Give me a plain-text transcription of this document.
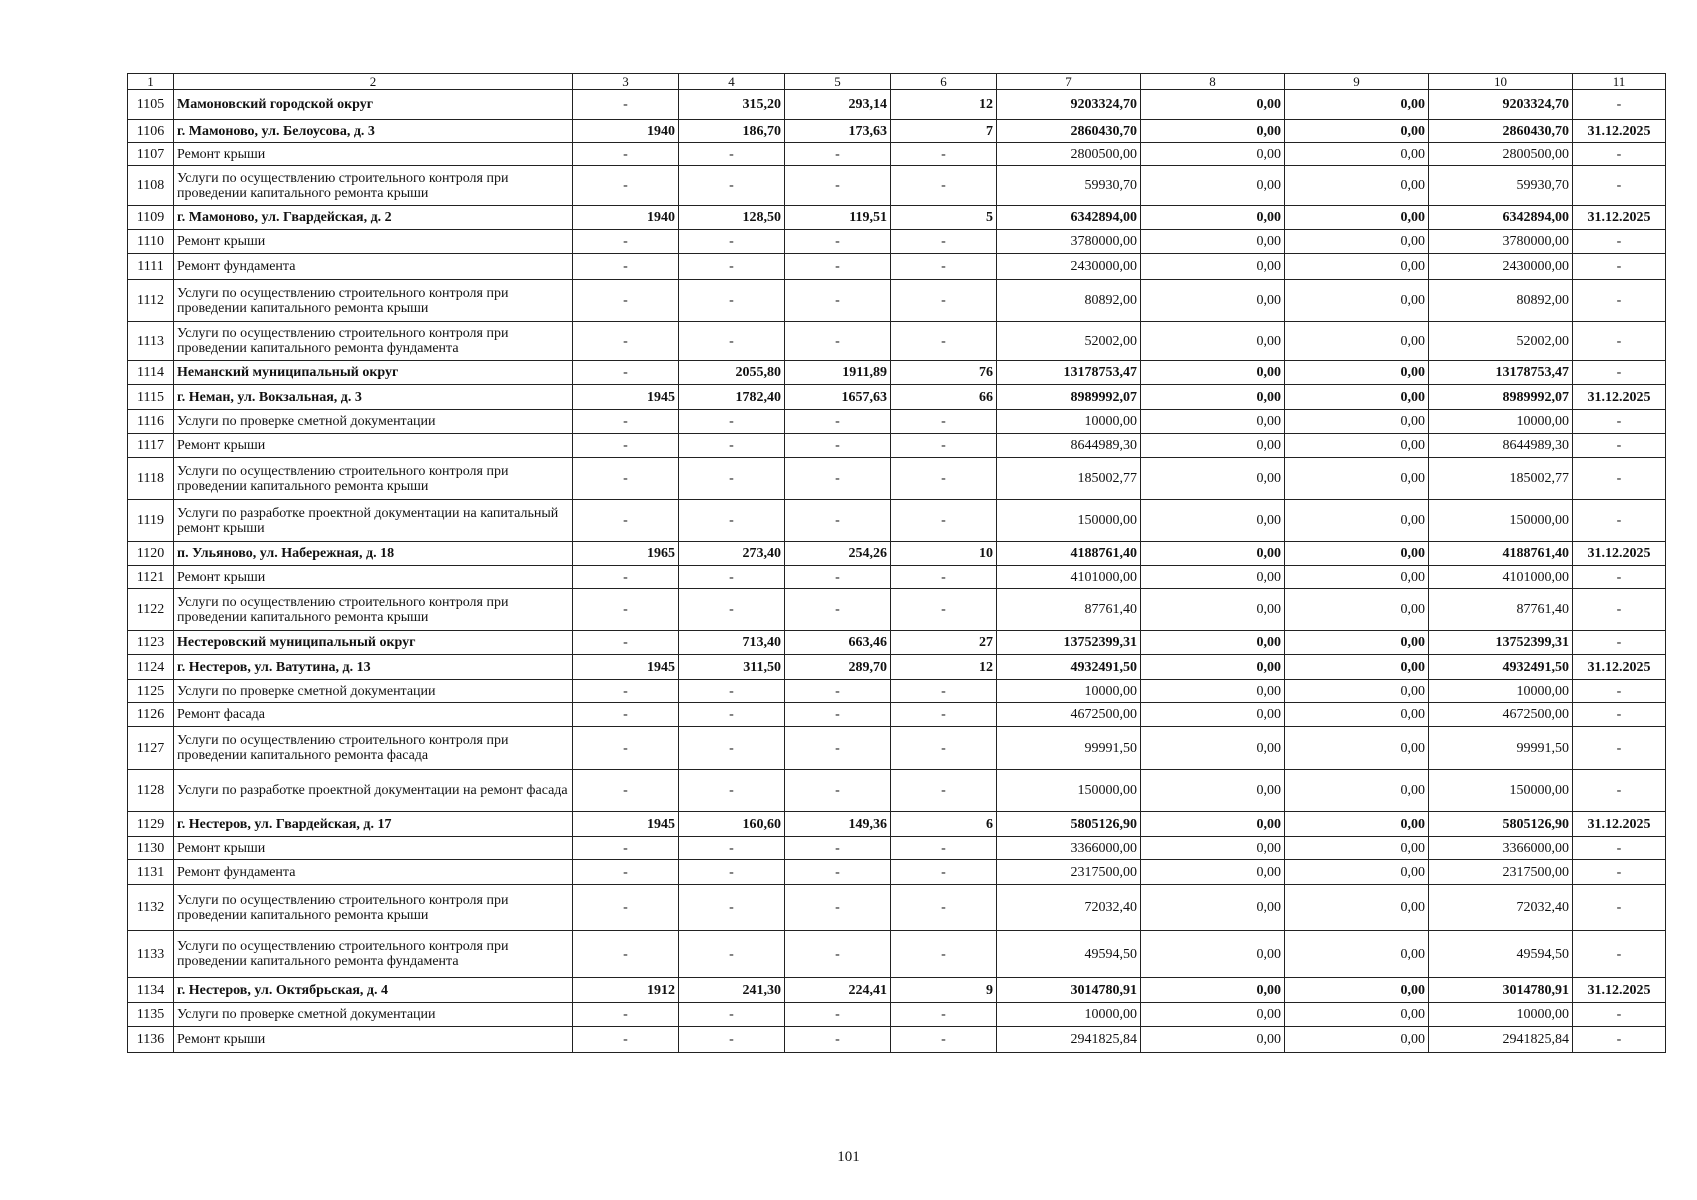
1	2	3	4	5	6	7	8	9	10	11
1105	Мамоновский городской округ	-	315,20	293,14	12	9203324,70	0,00	0,00	9203324,70	-
1106	г. Мамоново, ул. Белоусова, д. 3	1940	186,70	173,63	7	2860430,70	0,00	0,00	2860430,70	31.12.2025
1107	Ремонт крыши	-	-	-	-	2800500,00	0,00	0,00	2800500,00	-
1108	Услуги по осуществлению строительного контроля при проведении капитального ремонта крыши	-	-	-	-	59930,70	0,00	0,00	59930,70	-
1109	г. Мамоново, ул. Гвардейская, д. 2	1940	128,50	119,51	5	6342894,00	0,00	0,00	6342894,00	31.12.2025
1110	Ремонт крыши	-	-	-	-	3780000,00	0,00	0,00	3780000,00	-
1111	Ремонт фундамента	-	-	-	-	2430000,00	0,00	0,00	2430000,00	-
1112	Услуги по осуществлению строительного контроля при проведении капитального ремонта крыши	-	-	-	-	80892,00	0,00	0,00	80892,00	-
1113	Услуги по осуществлению строительного контроля при проведении капитального ремонта фундамента	-	-	-	-	52002,00	0,00	0,00	52002,00	-
1114	Неманский муниципальный округ	-	2055,80	1911,89	76	13178753,47	0,00	0,00	13178753,47	-
1115	г. Неман, ул. Вокзальная, д. 3	1945	1782,40	1657,63	66	8989992,07	0,00	0,00	8989992,07	31.12.2025
1116	Услуги по проверке сметной документации	-	-	-	-	10000,00	0,00	0,00	10000,00	-
1117	Ремонт крыши	-	-	-	-	8644989,30	0,00	0,00	8644989,30	-
1118	Услуги по осуществлению строительного контроля при проведении капитального ремонта крыши	-	-	-	-	185002,77	0,00	0,00	185002,77	-
1119	Услуги по разработке проектной документации на капитальный ремонт крыши	-	-	-	-	150000,00	0,00	0,00	150000,00	-
1120	п. Ульяново, ул. Набережная, д. 18	1965	273,40	254,26	10	4188761,40	0,00	0,00	4188761,40	31.12.2025
1121	Ремонт крыши	-	-	-	-	4101000,00	0,00	0,00	4101000,00	-
1122	Услуги по осуществлению строительного контроля при проведении капитального ремонта крыши	-	-	-	-	87761,40	0,00	0,00	87761,40	-
1123	Нестеровский муниципальный округ	-	713,40	663,46	27	13752399,31	0,00	0,00	13752399,31	-
1124	г. Нестеров, ул. Ватутина, д. 13	1945	311,50	289,70	12	4932491,50	0,00	0,00	4932491,50	31.12.2025
1125	Услуги по проверке сметной документации	-	-	-	-	10000,00	0,00	0,00	10000,00	-
1126	Ремонт фасада	-	-	-	-	4672500,00	0,00	0,00	4672500,00	-
1127	Услуги по осуществлению строительного контроля при проведении капитального ремонта фасада	-	-	-	-	99991,50	0,00	0,00	99991,50	-
1128	Услуги по разработке проектной документации на ремонт фасада	-	-	-	-	150000,00	0,00	0,00	150000,00	-
1129	г. Нестеров, ул. Гвардейская, д. 17	1945	160,60	149,36	6	5805126,90	0,00	0,00	5805126,90	31.12.2025
1130	Ремонт крыши	-	-	-	-	3366000,00	0,00	0,00	3366000,00	-
1131	Ремонт фундамента	-	-	-	-	2317500,00	0,00	0,00	2317500,00	-
1132	Услуги по осуществлению строительного контроля при проведении капитального ремонта крыши	-	-	-	-	72032,40	0,00	0,00	72032,40	-
1133	Услуги по осуществлению строительного контроля при проведении капитального ремонта фундамента	-	-	-	-	49594,50	0,00	0,00	49594,50	-
1134	г. Нестеров, ул. Октябрьская, д. 4	1912	241,30	224,41	9	3014780,91	0,00	0,00	3014780,91	31.12.2025
1135	Услуги по проверке сметной документации	-	-	-	-	10000,00	0,00	0,00	10000,00	-
1136	Ремонт крыши	-	-	-	-	2941825,84	0,00	0,00	2941825,84	-
101
